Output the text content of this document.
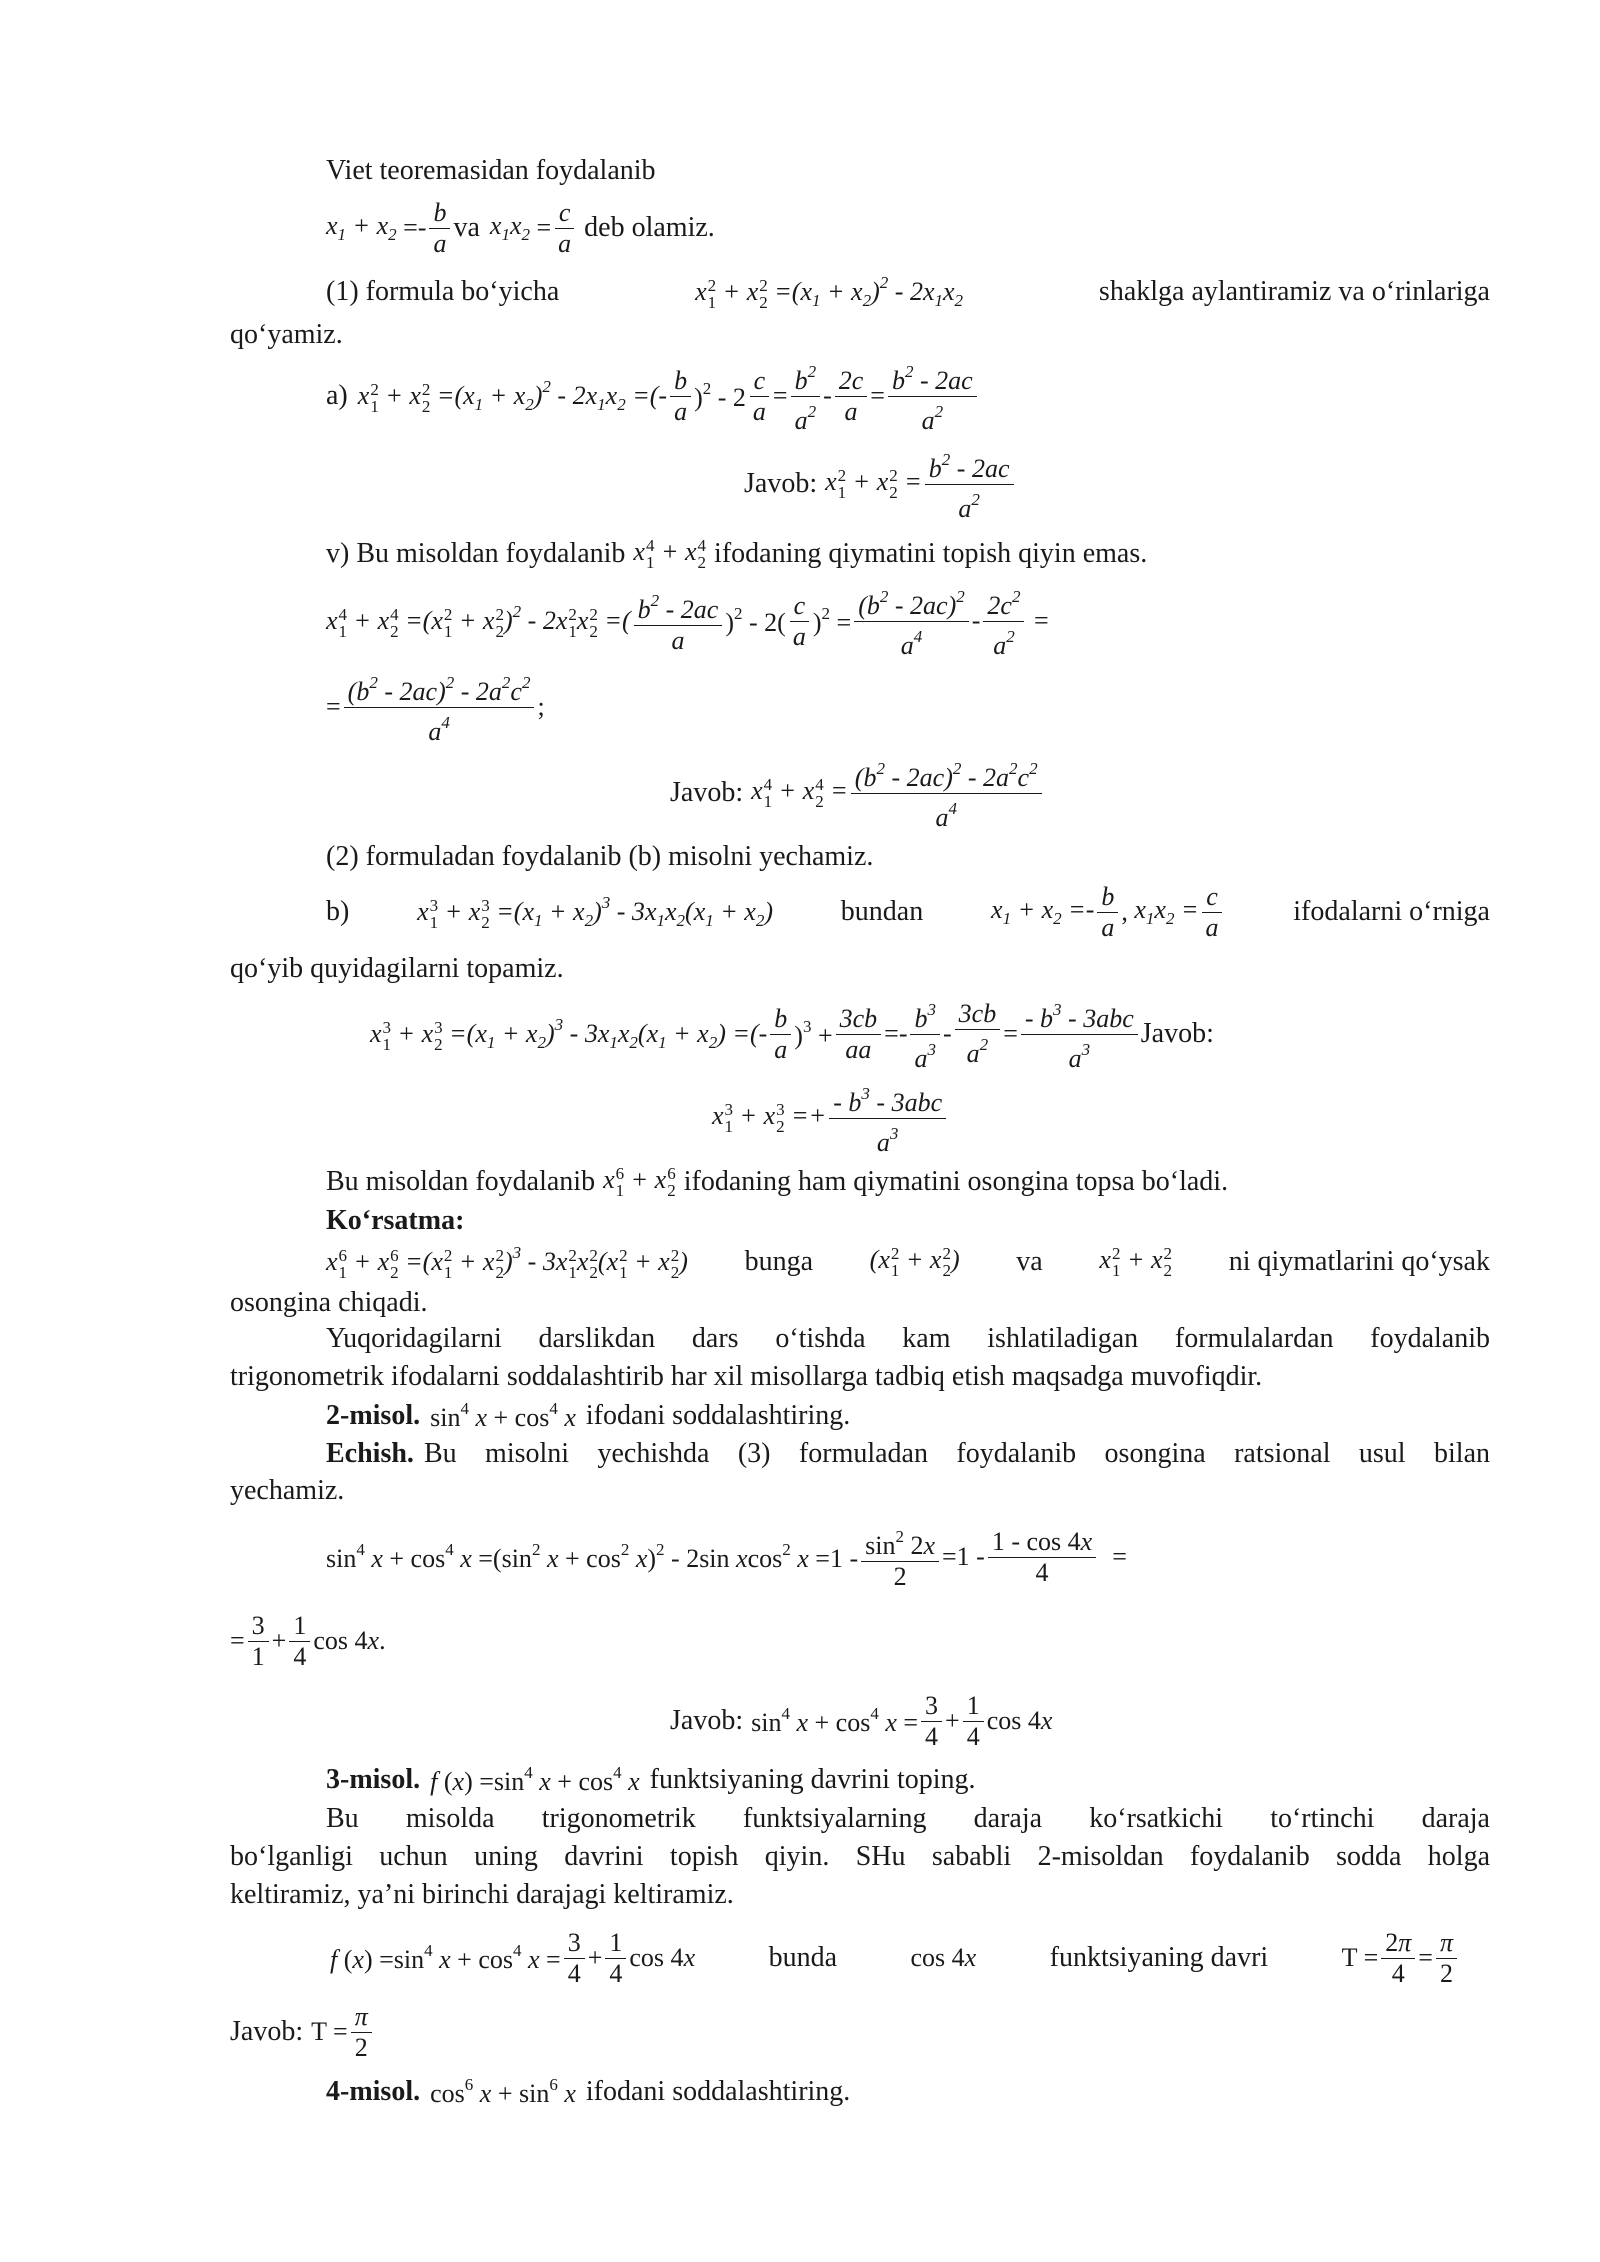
Viet teoremasidan foydalanib
$x_1 + x_2 =- \frac{b}{a}$ va $x_1x_2 = \frac{c}{a}$ deb olamiz.
(1) formula bo‘yicha	x 2
1 + x 2
$2 =(x_1 + x_2)^2 - 2x_1x_2$	shaklga aylantiramiz va o‘rinlariga
qo‘yamiz.
a) x 2
1 + x 2
$2 =(x_1 + x_2)^2 - 2x_1x_2$ =(- $\frac{b}{a} )^2 - 2 \frac{c}{a} = \frac{b^2}{a^2} - \frac{2c}{a} = \frac{b^2 - 2ac}{a^2}$
Javob: x 2
1 + x 2
$2 = \frac{b^2 - 2ac}{a^2}$
v) Bu misoldan foydalanib x 4
1 + x 4
2 ifodaning qiymatini topish qiyin emas.
x 4
1 + x 4
2 =(x 2
1 + x 2
2 )$^2$ - 2x 2
1 x 2
2 =( $\frac{b^2 - 2ac}{a} )^2 - 2( \frac{c}{a} )^2 = \frac{(b^2 - 2ac)^2}{a^4} - \frac{2c^2}{a^2}$ =
= $\frac{(b^2 - 2ac)^2 - 2a^2c^2}{a^4}$ ;
Javob: x 4
1 + x 4
$2 = \frac{(b^2 - 2ac)^2 - 2a^2c^2}{a^4}$
(2) formuladan foydalanib (b) misolni yechamiz.
b)	x 3
1 + x 3
$2 =(x_1 + x_2)^3 - 3x_1x_2(x_1 + x_2)$ bundan	$x_1 + x_2 =- \frac{b}{a}$ , $x_1x_2 = \frac{c}{a}$	ifodalarni o‘rniga
qo‘yib quyidagilarni topamiz.
x 3
1 + x 3
$2 =(x_1 + x_2)^3 - 3x_1x_2(x_1 + x_2)$ =(- $\frac{b}{a} )^3 + \frac{3cb}{aa} =- \frac{b^3}{a^3} - \frac{3cb}{a^2} = \frac{- b^3 - 3abc}{a^3}$ Javob:
x 3
1 + x 3
$2 =+ \frac{- b^3 - 3abc}{a^3}$
Bu misoldan foydalanib x 6
1 + x 6
2 ifodaning ham qiymatini osongina topsa bo‘ladi.
Ko‘rsatma:
x 6
1 + x 6
2 =(x 2
1 + x 2
2 )$^3$ - 3x 2
1 x 2
2 (x 2
1 + x 2
2 ) bunga (x 2
1 + x 2
2 ) va x 2
1 + x 2
2 ni qiymatlarini qo‘ysak
osongina chiqadi.
Yuqoridagilarni darslikdan dars o‘tishda kam ishlatiladigan formulalardan foydalanib
trigonometrik ifodalarni soddalashtirib har xil misollarga tadbiq etish maqsadga muvofiqdir.
2-misol. $\sin^4 x + \cos^4 x$ ifodani soddalashtiring.
Echish. Bu misolni yechishda (3) formuladan foydalanib osongina ratsional usul bilan
yechamiz.
$\sin^4 x + \cos^4 x =(\sin^2$ $x + \cos^2 x)^2 - 2\sin$ xcos$^2$ $x =1 - \frac{\sin^2 2x}{2} =1 - \frac{1 - \cos 4x}{4}$ =
= $\frac{3}{1} + \frac{1}{4}$ cos 4x.
Javob: $\sin^4 x + \cos^4 x = \frac{3}{4} + \frac{1}{4}$ cos 4x
3-misol. f $(x) =\sin^4$ $x + \cos^4 x$ funktsiyaning davrini toping.
Bu misolda trigonometrik funktsiyalarning daraja ko‘rsatkichi to‘rtinchi daraja
bo‘lganligi uchun uning davrini topish qiyin. SHu sababli 2-misoldan foydalanib sodda holga
keltiramiz, ya’ni birinchi darajagi keltiramiz.
f $(x) =\sin^4$ $x + \cos^4 x = \frac{3}{4} + \frac{1}{4}$ cos 4x	bunda	cos 4x	funktsiyaning davri	$T = \frac{2\pi}{4} = \frac{\pi}{2}$
Javob: $T = \frac{\pi}{2}$
4-misol. $\cos^6 x + \sin^6 x$ ifodani soddalashtiring.
